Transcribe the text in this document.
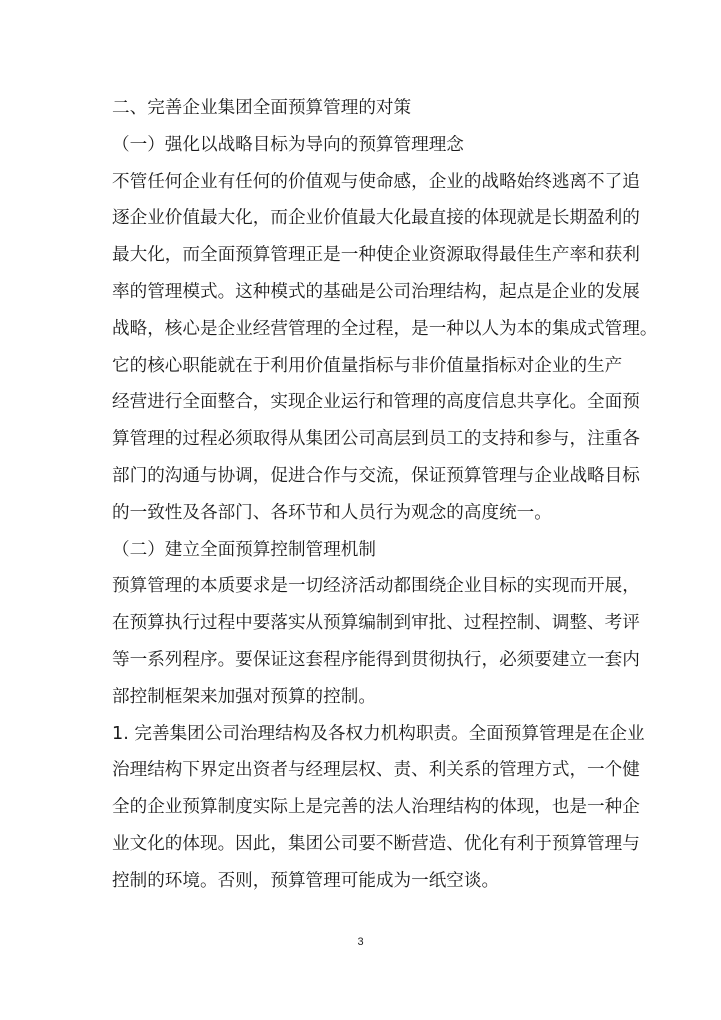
二、完善企业集团全面预算管理的对策
（一）强化以战略目标为导向的预算管理理念
不管任何企业有任何的价值观与使命感，企业的战略始终逃离不了追
逐企业价值最大化，而企业价值最大化最直接的体现就是长期盈利的
最大化，而全面预算管理正是一种使企业资源取得最佳生产率和获利
率的管理模式。这种模式的基础是公司治理结构，起点是企业的发展
战略，核心是企业经营管理的全过程，是一种以人为本的集成式管理。
它的核心职能就在于利用价值量指标与非价值量指标对企业的生产
经营进行全面整合，实现企业运行和管理的高度信息共享化。全面预
算管理的过程必须取得从集团公司高层到员工的支持和参与，注重各
部门的沟通与协调，促进合作与交流，保证预算管理与企业战略目标
的一致性及各部门、各环节和人员行为观念的高度统一。
（二）建立全面预算控制管理机制
预算管理的本质要求是一切经济活动都围绕企业目标的实现而开展，
在预算执行过程中要落实从预算编制到审批、过程控制、调整、考评
等一系列程序。要保证这套程序能得到贯彻执行，必须要建立一套内
部控制框架来加强对预算的控制。
1. 完善集团公司治理结构及各权力机构职责。全面预算管理是在企业
治理结构下界定出资者与经理层权、责、利关系的管理方式，一个健
全的企业预算制度实际上是完善的法人治理结构的体现，也是一种企
业文化的体现。因此，集团公司要不断营造、优化有利于预算管理与
控制的环境。否则，预算管理可能成为一纸空谈。
3
